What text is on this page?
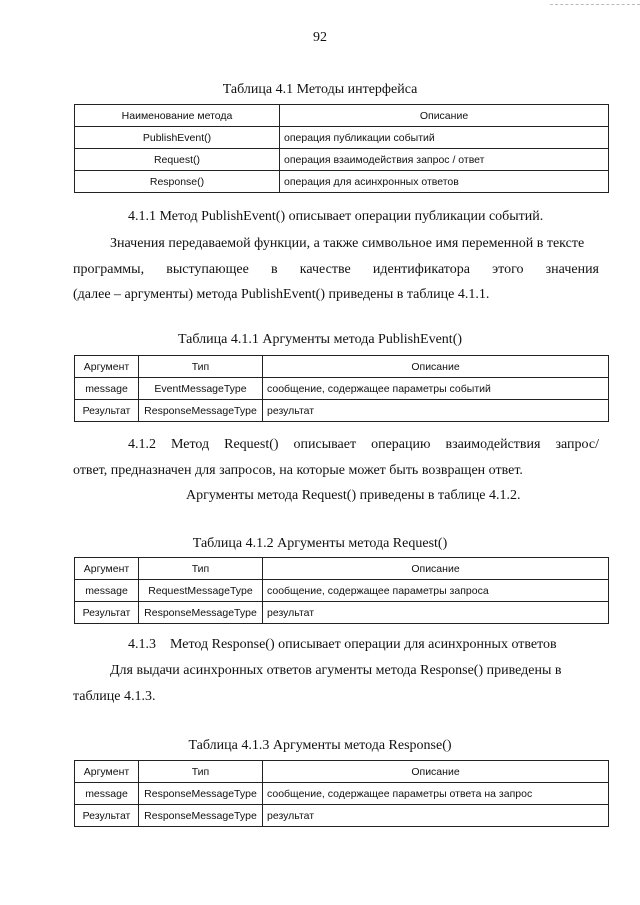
92
Таблица 4.1 Методы интерфейса
Наименование метода	Описание
PublishEvent()	операция публикации событий
Request()	операция взаимодействия запрос / ответ
Response()	операция для асинхронных ответов
4.1.1 Метод PublishEvent() описывает операции публикации событий.
Значения передаваемой функции, а также символьное имя переменной в тексте
программы, выступающее в качестве идентификатора этого значения
(далее – аргументы) метода PublishEvent() приведены в таблице 4.1.1.
Таблица 4.1.1 Аргументы метода PublishEvent()
Аргумент	Тип	Описание
message	EventMessageType	сообщение, содержащее параметры событий
Результат	ResponseMessageType	результат
4.1.2 Метод Request() описывает операцию взаимодействия запрос/
ответ, предназначен для запросов, на которые может быть возвращен ответ.
Аргументы метода Request() приведены в таблице 4.1.2.
Таблица 4.1.2 Аргументы метода Request()
Аргумент	Тип	Описание
message	RequestMessageType	сообщение, содержащее параметры запроса
Результат	ResponseMessageType	результат
4.1.3    Метод Response() описывает операции для асинхронных ответов
Для выдачи асинхронных ответов агументы метода Response() приведены в
таблице 4.1.3.
Таблица 4.1.3 Аргументы метода Response()
Аргумент	Тип	Описание
message	ResponseMessageType	сообщение, содержащее параметры ответа на запрос
Результат	ResponseMessageType	результат
